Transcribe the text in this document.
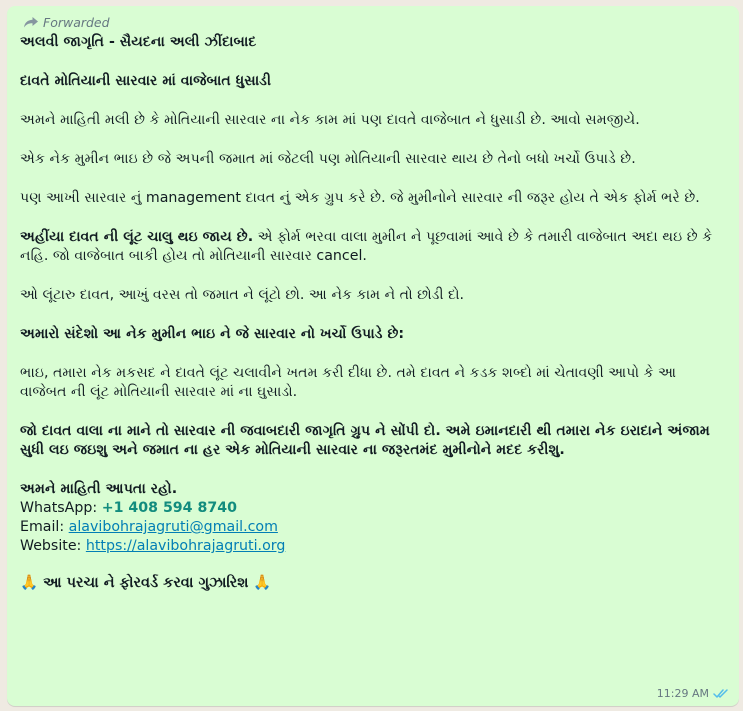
Forwarded

અલવી જાગૃતિ - સૈયદના અલી ઝીંદાબાદ

દાવતે મોતિયાની સારવાર માં વાજેબાત ધુસાડી

અમને માહિતી મલી છે કે મોતિયાની સારવાર ના નેક કામ માં પણ દાવતે વાજેબાત ને ધુસાડી છે. આવો સમજીયે.

એક નેક મુમીન ભાઇ છે જે અપની જમાત માં જેટલી પણ મોતિયાની સારવાર થાય છે તેનો બધો ખર્ચો ઉપાડે છે.

પણ આખી સારવાર નું management દાવત નું એક ગ્રુપ કરે છે. જે મુમીનોને સારવાર ની જરૂર હોય તે એક ફોર્મ ભરે છે.

અહીંયા દાવત ની લૂંટ ચાલુ થઇ જાય છે. એ ફોર્મ ભરવા વાલા મુમીન ને પૂછવામાં આવે છે કે તમારી વાજેબાત અદા થઇ છે કે નહિ. જો વાજેબાત બાકી હોય તો મોતિયાની સારવાર cancel.

ઓ લૂંટારુ દાવત, આખું વરસ તો જમાત ને લૂંટો છો. આ નેક કામ ને તો છોડી દો.

અમારો સંદેશો આ નેક મુમીન ભાઇ ને જે સારવાર નો ખર્ચો ઉપાડે છે:

ભાઇ, તમારા નેક મકસદ ને દાવતે લૂંટ ચલાવીને ખતમ કરી દીધા છે. તમે દાવત ને કડક શબ્દો માં ચેતાવણી આપો કે આ વાજેબત ની લૂંટ મોતિયાની સારવાર માં ના ઘુસાડો.

જો દાવત વાલા ના માને તો સારવાર ની જવાબદારી જાગૃતિ ગ્રુપ ને સોંપી દો. અમે ઇમાનદારી થી તમારા નેક ઇરાદાને અંજામ સુધી લઇ જઇશુ અને જમાત ના હર એક મોતિયાની સારવાર ના જરૂરતમંદ મુમીનોને મદદ કરીશુ.

અમને માહિતી આપતા રહો.
WhatsApp: +1 408 594 8740
Email: alavibohrajagruti@gmail.com
Website: https://alavibohrajagruti.org
🙏 આ પરચા ને ફોરવર્ડ કરવા ગુઝારિશ 🙏
11:29 AM
